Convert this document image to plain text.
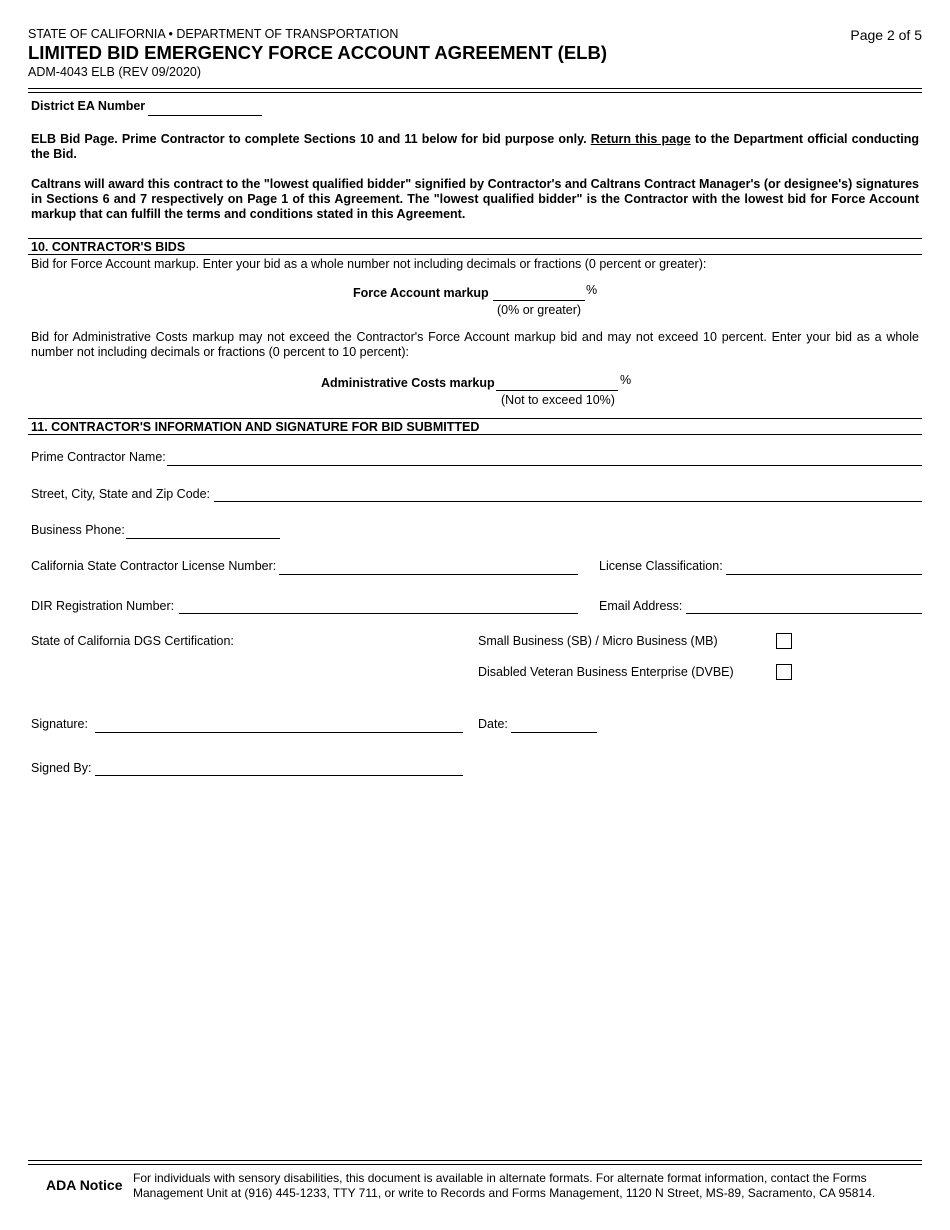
STATE OF CALIFORNIA • DEPARTMENT OF TRANSPORTATION
LIMITED BID EMERGENCY FORCE ACCOUNT AGREEMENT (ELB)
ADM-4043 ELB (REV 09/2020)
Page 2 of 5
District EA Number
ELB Bid Page. Prime Contractor to complete Sections 10 and 11 below for bid purpose only. Return this page to the Department official conducting the Bid.
Caltrans will award this contract to the "lowest qualified bidder" signified by Contractor's and Caltrans Contract Manager's (or designee's) signatures in Sections 6 and 7 respectively on Page 1 of this Agreement. The "lowest qualified bidder" is the Contractor with the lowest bid for Force Account markup that can fulfill the terms and conditions stated in this Agreement.
10. CONTRACTOR'S BIDS
Bid for Force Account markup. Enter your bid as a whole number not including decimals or fractions (0 percent or greater):
Force Account markup	%
(0% or greater)
Bid for Administrative Costs markup may not exceed the Contractor's Force Account markup bid and may not exceed 10 percent. Enter your bid as a whole number not including decimals or fractions (0 percent to 10 percent):
Administrative Costs markup	%
(Not to exceed 10%)
11. CONTRACTOR'S INFORMATION AND SIGNATURE FOR BID SUBMITTED
Prime Contractor Name:
Street, City, State and Zip Code:
Business Phone:
California State Contractor License Number:	License Classification:
DIR Registration Number:	Email Address:
State of California DGS Certification:	Small Business (SB) / Micro Business (MB)
Disabled Veteran Business Enterprise (DVBE)
Signature:	Date:
Signed By:
ADA Notice For individuals with sensory disabilities, this document is available in alternate formats. For alternate format information, contact the Forms Management Unit at (916) 445-1233, TTY 711, or write to Records and Forms Management, 1120 N Street, MS-89, Sacramento, CA 95814.
